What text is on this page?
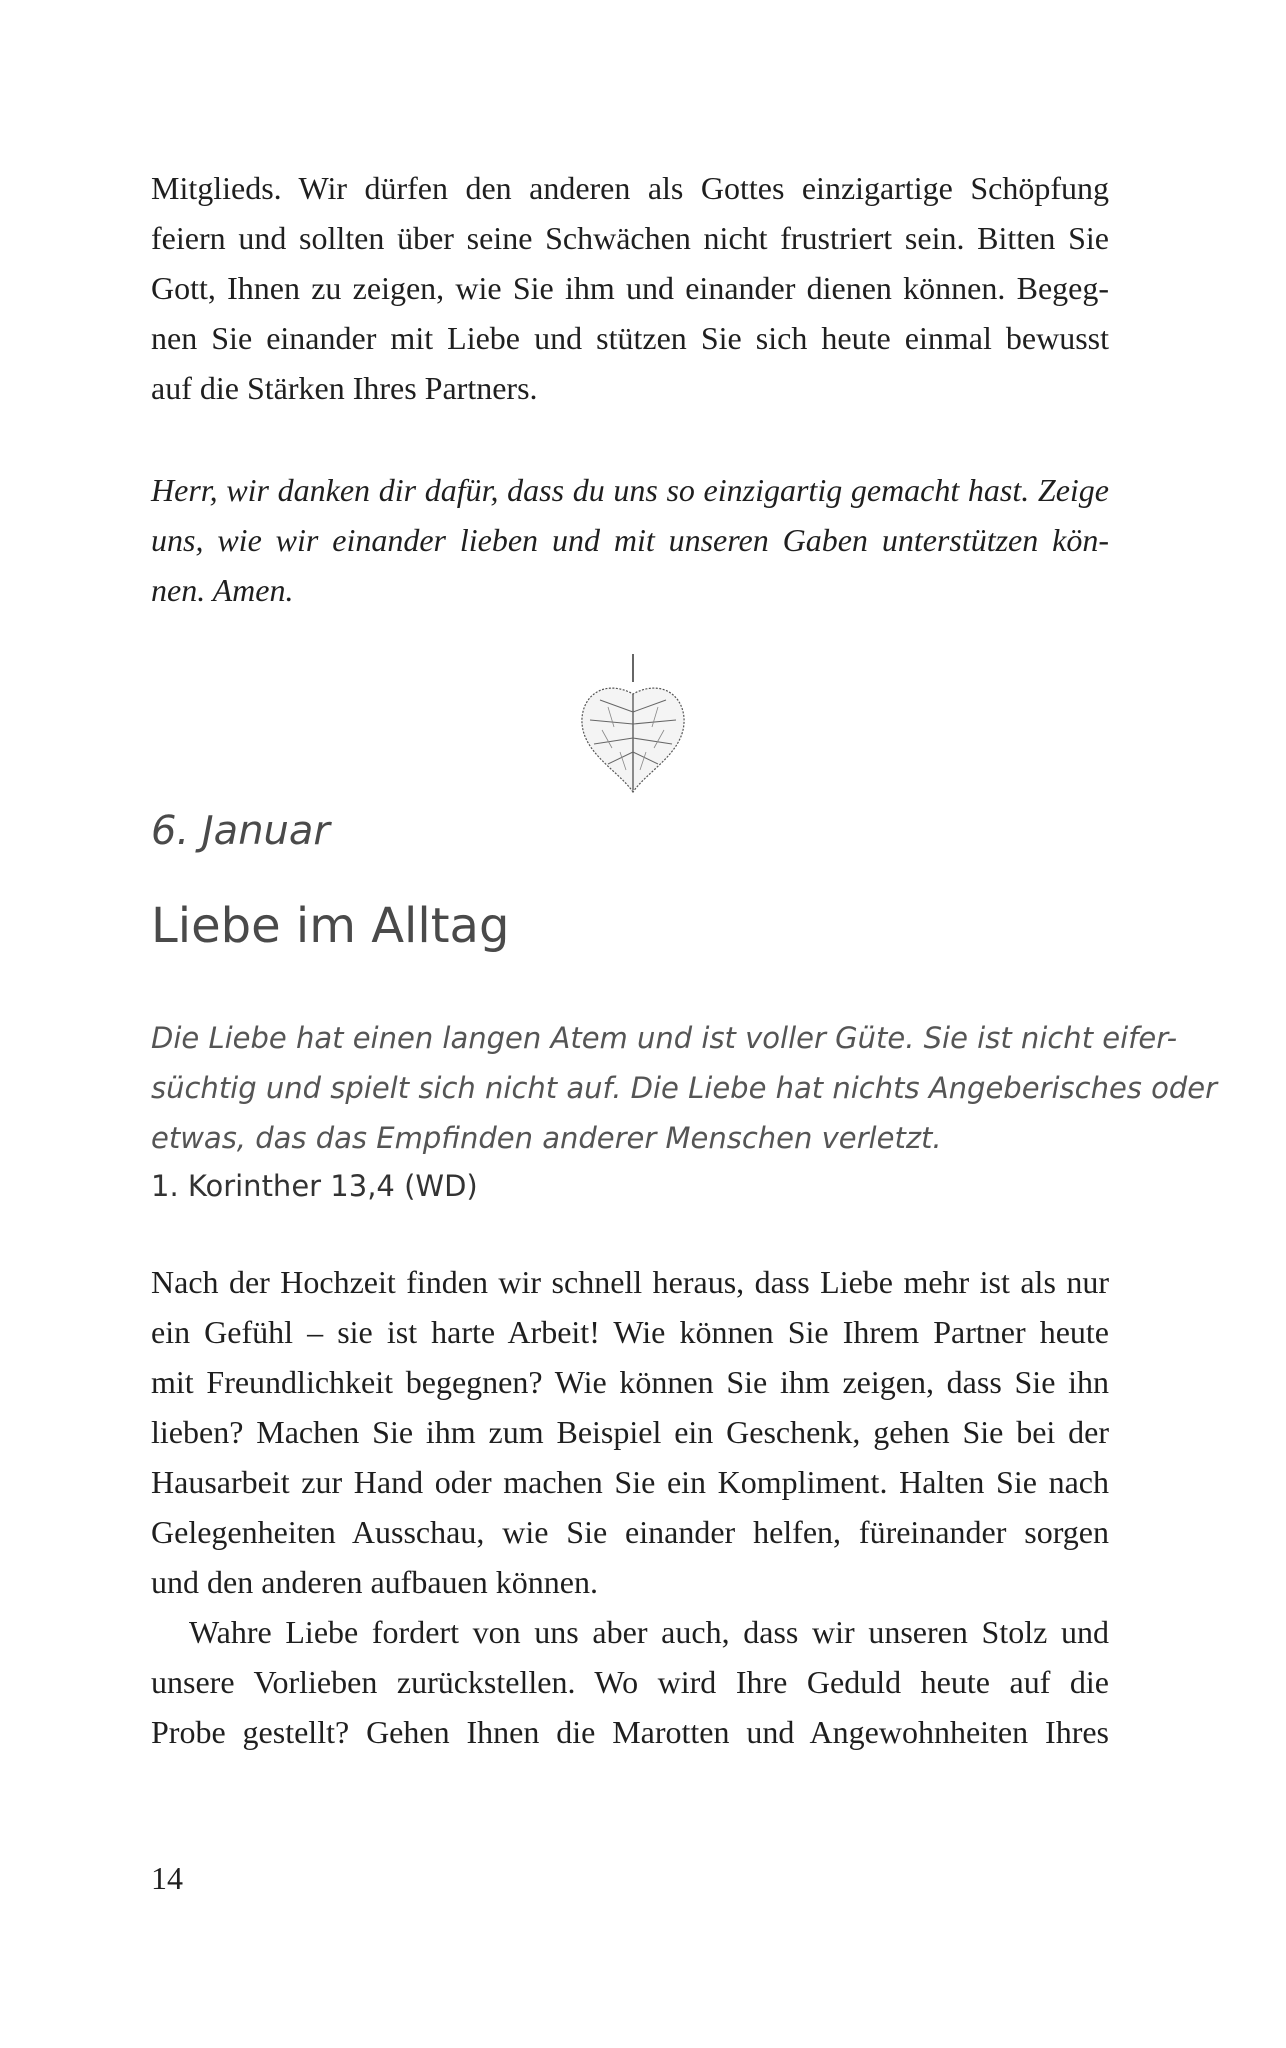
Mitglieds. Wir dürfen den anderen als Gottes einzigartige Schöpfung
feiern und sollten über seine Schwächen nicht frustriert sein. Bitten Sie
Gott, Ihnen zu zeigen, wie Sie ihm und einander dienen können. Begeg-
nen Sie einander mit Liebe und stützen Sie sich heute einmal bewusst
auf die Stärken Ihres Partners.
Herr, wir danken dir dafür, dass du uns so einzigartig gemacht hast. Zeige
uns, wie wir einander lieben und mit unseren Gaben unterstützen kön-
nen. Amen.
6. Januar
Liebe im Alltag
Die Liebe hat einen langen Atem und ist voller Güte. Sie ist nicht eifer-
süchtig und spielt sich nicht auf. Die Liebe hat nichts Angeberisches oder
etwas, das das Empfinden anderer Menschen verletzt.
1. Korinther 13,4 (WD)
Nach der Hochzeit finden wir schnell heraus, dass Liebe mehr ist als nur
ein Gefühl – sie ist harte Arbeit! Wie können Sie Ihrem Partner heute
mit Freundlichkeit begegnen? Wie können Sie ihm zeigen, dass Sie ihn
lieben? Machen Sie ihm zum Beispiel ein Geschenk, gehen Sie bei der
Hausarbeit zur Hand oder machen Sie ein Kompliment. Halten Sie nach
Gelegenheiten Ausschau, wie Sie einander helfen, füreinander sorgen
und den anderen aufbauen können.
Wahre Liebe fordert von uns aber auch, dass wir unseren Stolz und
unsere Vorlieben zurückstellen. Wo wird Ihre Geduld heute auf die
Probe gestellt? Gehen Ihnen die Marotten und Angewohnheiten Ihres
14
